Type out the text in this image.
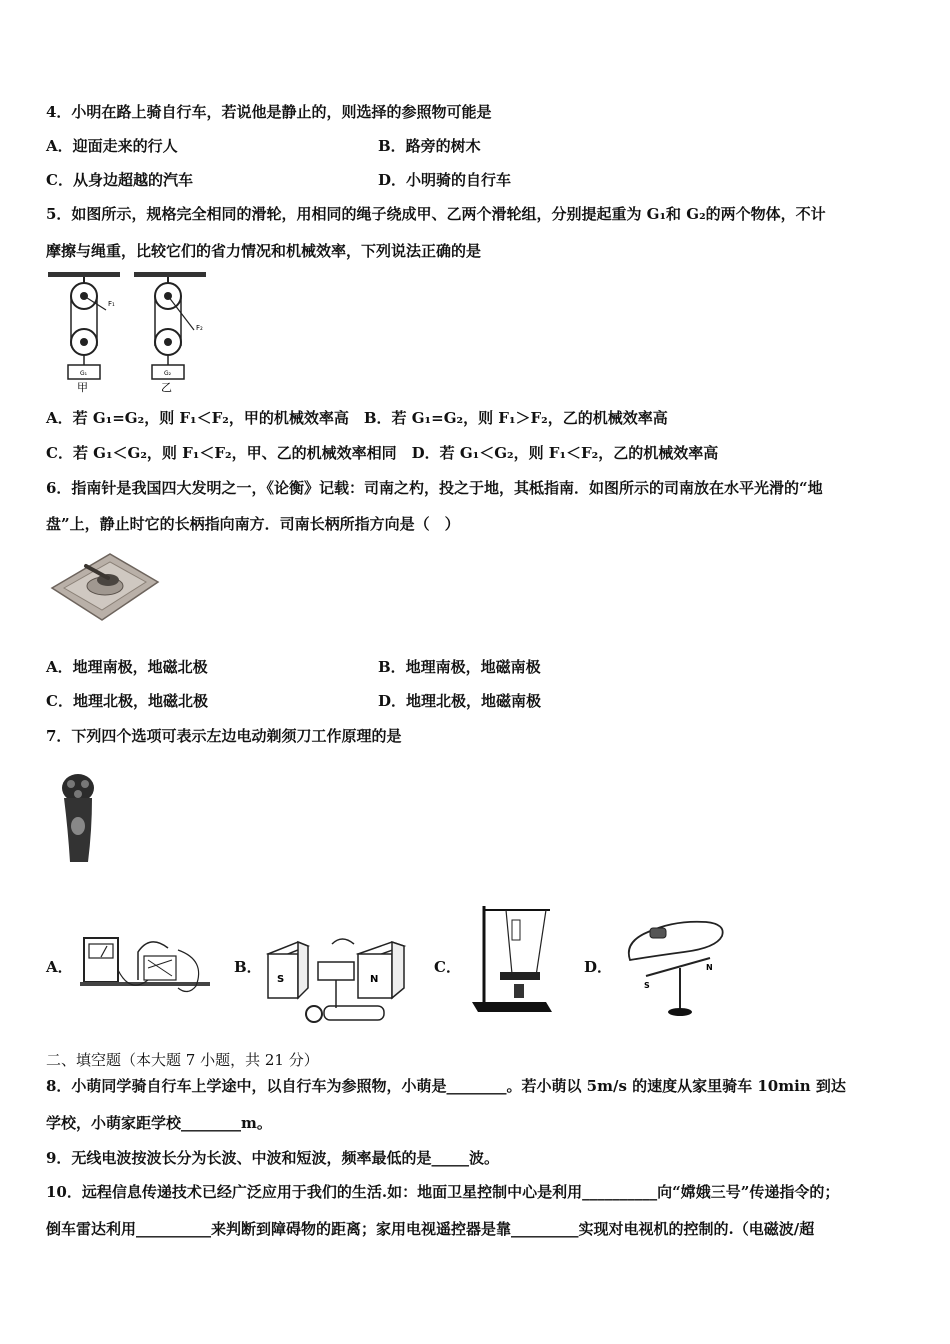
4．小明在路上骑自行车，若说他是静止的，则选择的参照物可能是
A．迎面走来的行人	B．路旁的树木
C．从身边超越的汽车	D．小明骑的自行车
5．如图所示，规格完全相同的滑轮，用相同的绳子绕成甲、乙两个滑轮组，分别提起重为 G₁和 G₂的两个物体，不计
摩擦与绳重，比较它们的省力情况和机械效率，下列说法正确的是
F₁
G₁
甲
F₂
G₂
乙
A．若 G₁=G₂，则 F₁＜F₂，甲的机械效率高　B．若 G₁=G₂，则 F₁＞F₂，乙的机械效率高
C．若 G₁＜G₂，则 F₁＜F₂，甲、乙的机械效率相同　D．若 G₁＜G₂，则 F₁＜F₂，乙的机械效率高
6．指南针是我国四大发明之一，《论衡》记载：司南之杓，投之于地，其柢指南．如图所示的司南放在水平光滑的“地
盘”上，静止时它的长柄指向南方．司南长柄所指方向是（　）
A．地理南极，地磁北极	B．地理南极，地磁南极
C．地理北极，地磁北极	D．地理北极，地磁南极
7．下列四个选项可表示左边电动剃须刀工作原理的是
A．	B．
S	N
C．	D．
S
N
二、填空题（本大题 7 小题，共 21 分）
8．小萌同学骑自行车上学途中，以自行车为参照物，小萌是________。若小萌以 5m/s 的速度从家里骑车 10min 到达
学校，小萌家距学校________m。
9．无线电波按波长分为长波、中波和短波，频率最低的是_____波。
10．远程信息传递技术已经广泛应用于我们的生活.如：地面卫星控制中心是利用__________向“嫦娥三号”传递指令的；
倒车雷达利用__________来判断到障碍物的距离；家用电视遥控器是靠_________实现对电视机的控制的.（电磁波/超
